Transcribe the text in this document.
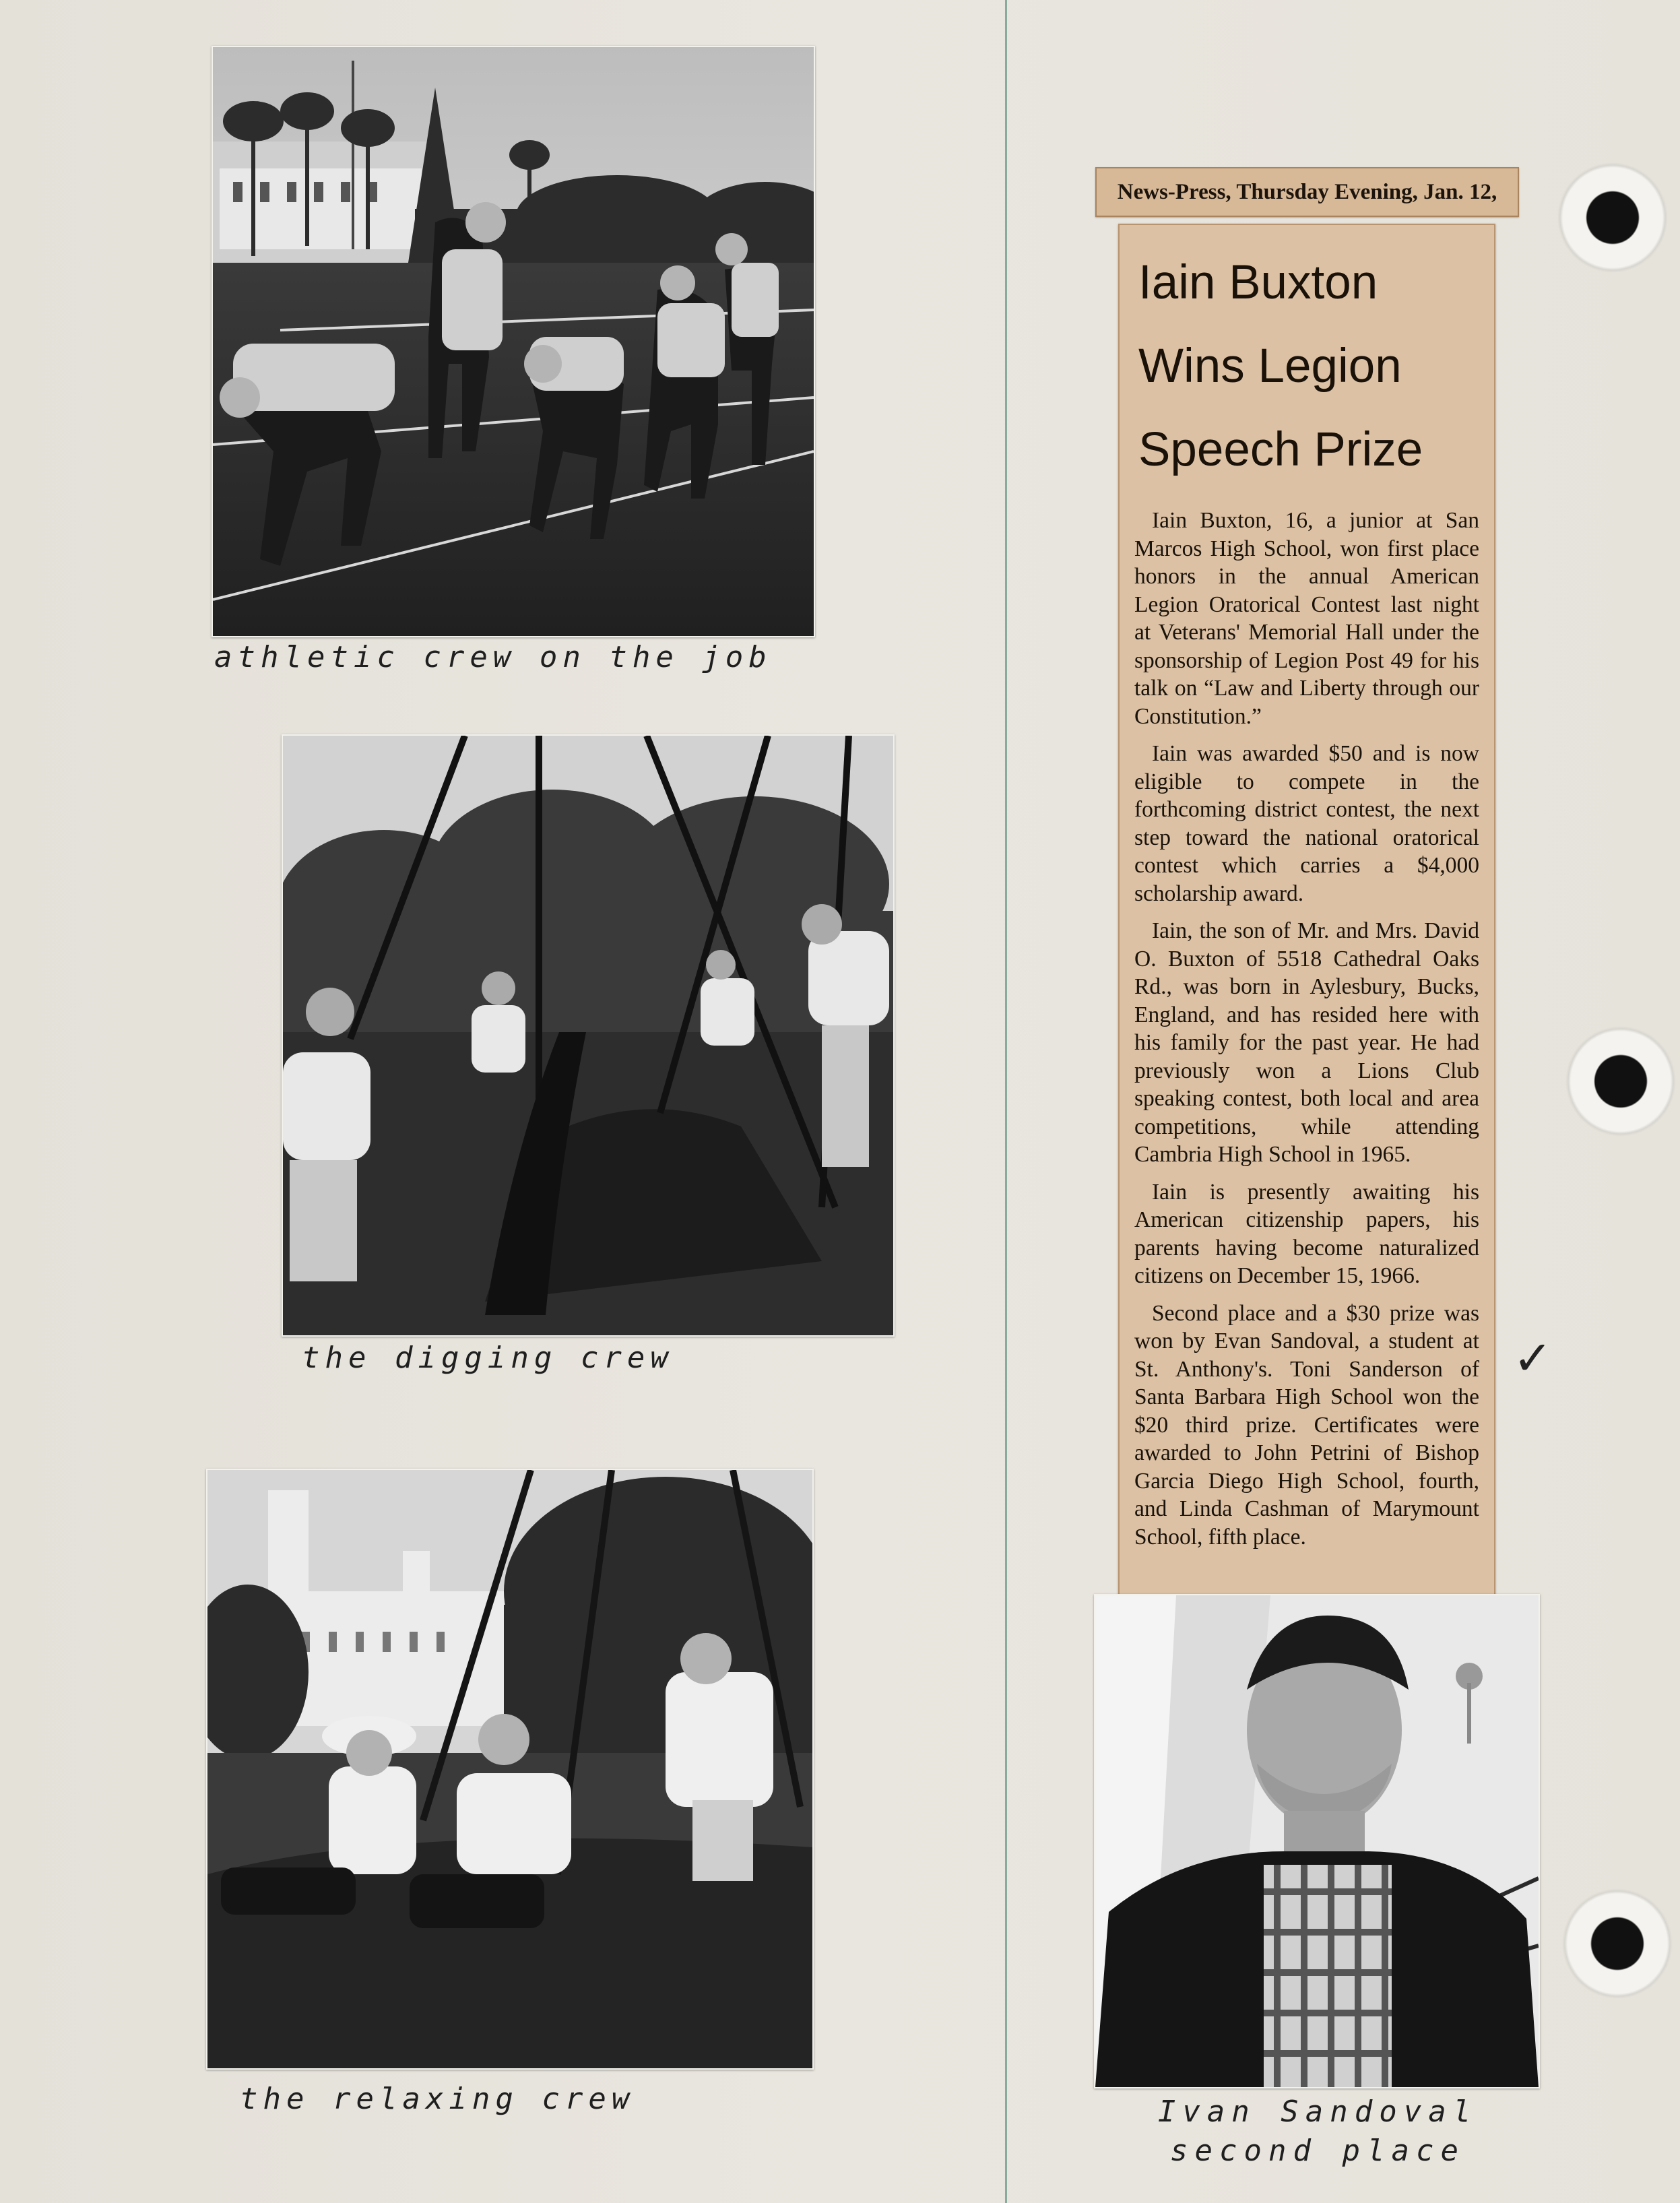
athletic crew on the job
the digging crew
the relaxing crew
News-Press, Thursday Evening, Jan. 12,
Iain Buxton
Wins Legion
Speech Prize

Iain Buxton, 16, a junior at San Marcos High School, won first place honors in the annual American Legion Oratorical Contest last night at Veterans' Memorial Hall under the sponsorship of Legion Post 49 for his talk on “Law and Liberty through our Constitution.”

Iain was awarded $50 and is now eligible to compete in the forthcoming district contest, the next step toward the national oratorical contest which carries a $4,000 scholarship award.

Iain, the son of Mr. and Mrs. David O. Buxton of 5518 Cathedral Oaks Rd., was born in Aylesbury, Bucks, England, and has resided here with his family for the past year. He had previously won a Lions Club speaking contest, both local and area competitions, while attending Cambria High School in 1965.

Iain is presently awaiting his American citizenship papers, his parents having become naturalized citizens on December 15, 1966.

Second place and a $30 prize was won by Evan Sandoval, a student at St. Anthony's. Toni Sanderson of Santa Barbara High School won the $20 third prize. Certificates were awarded to John Petrini of Bishop Garcia Diego High School, fourth, and Linda Cashman of Marymount School, fifth place.

✓
Ivan Sandoval
second place
